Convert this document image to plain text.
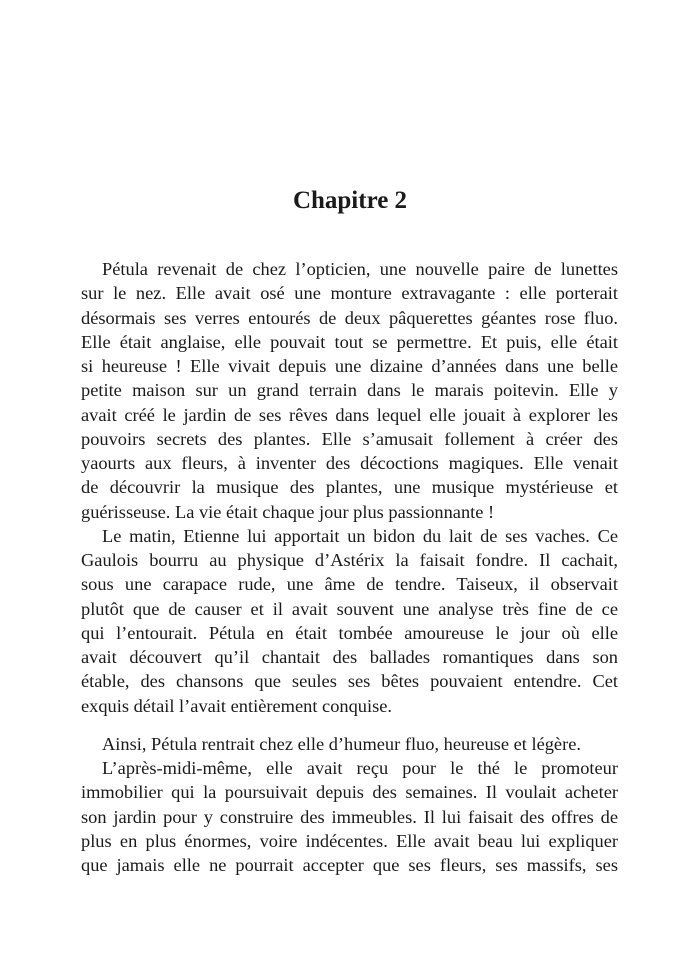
Chapitre 2
Pétula revenait de chez l’opticien, une nouvelle paire de lunettes
sur le nez. Elle avait osé une monture extravagante : elle porterait
désormais ses verres entourés de deux pâquerettes géantes rose fluo.
Elle était anglaise, elle pouvait tout se permettre. Et puis, elle était
si heureuse ! Elle vivait depuis une dizaine d’années dans une belle
petite maison sur un grand terrain dans le marais poitevin. Elle y
avait créé le jardin de ses rêves dans lequel elle jouait à explorer les
pouvoirs secrets des plantes. Elle s’amusait follement à créer des
yaourts aux fleurs, à inventer des décoctions magiques. Elle venait
de découvrir la musique des plantes, une musique mystérieuse et
guérisseuse. La vie était chaque jour plus passionnante !
Le matin, Etienne lui apportait un bidon du lait de ses vaches. Ce
Gaulois bourru au physique d’Astérix la faisait fondre. Il cachait,
sous une carapace rude, une âme de tendre. Taiseux, il observait
plutôt que de causer et il avait souvent une analyse très fine de ce
qui l’entourait. Pétula en était tombée amoureuse le jour où elle
avait découvert qu’il chantait des ballades romantiques dans son
étable, des chansons que seules ses bêtes pouvaient entendre. Cet
exquis détail l’avait entièrement conquise.
Ainsi, Pétula rentrait chez elle d’humeur fluo, heureuse et légère.
L’après-midi-même, elle avait reçu pour le thé le promoteur
immobilier qui la poursuivait depuis des semaines. Il voulait acheter
son jardin pour y construire des immeubles. Il lui faisait des offres de
plus en plus énormes, voire indécentes. Elle avait beau lui expliquer
que jamais elle ne pourrait accepter que ses fleurs, ses massifs, ses
